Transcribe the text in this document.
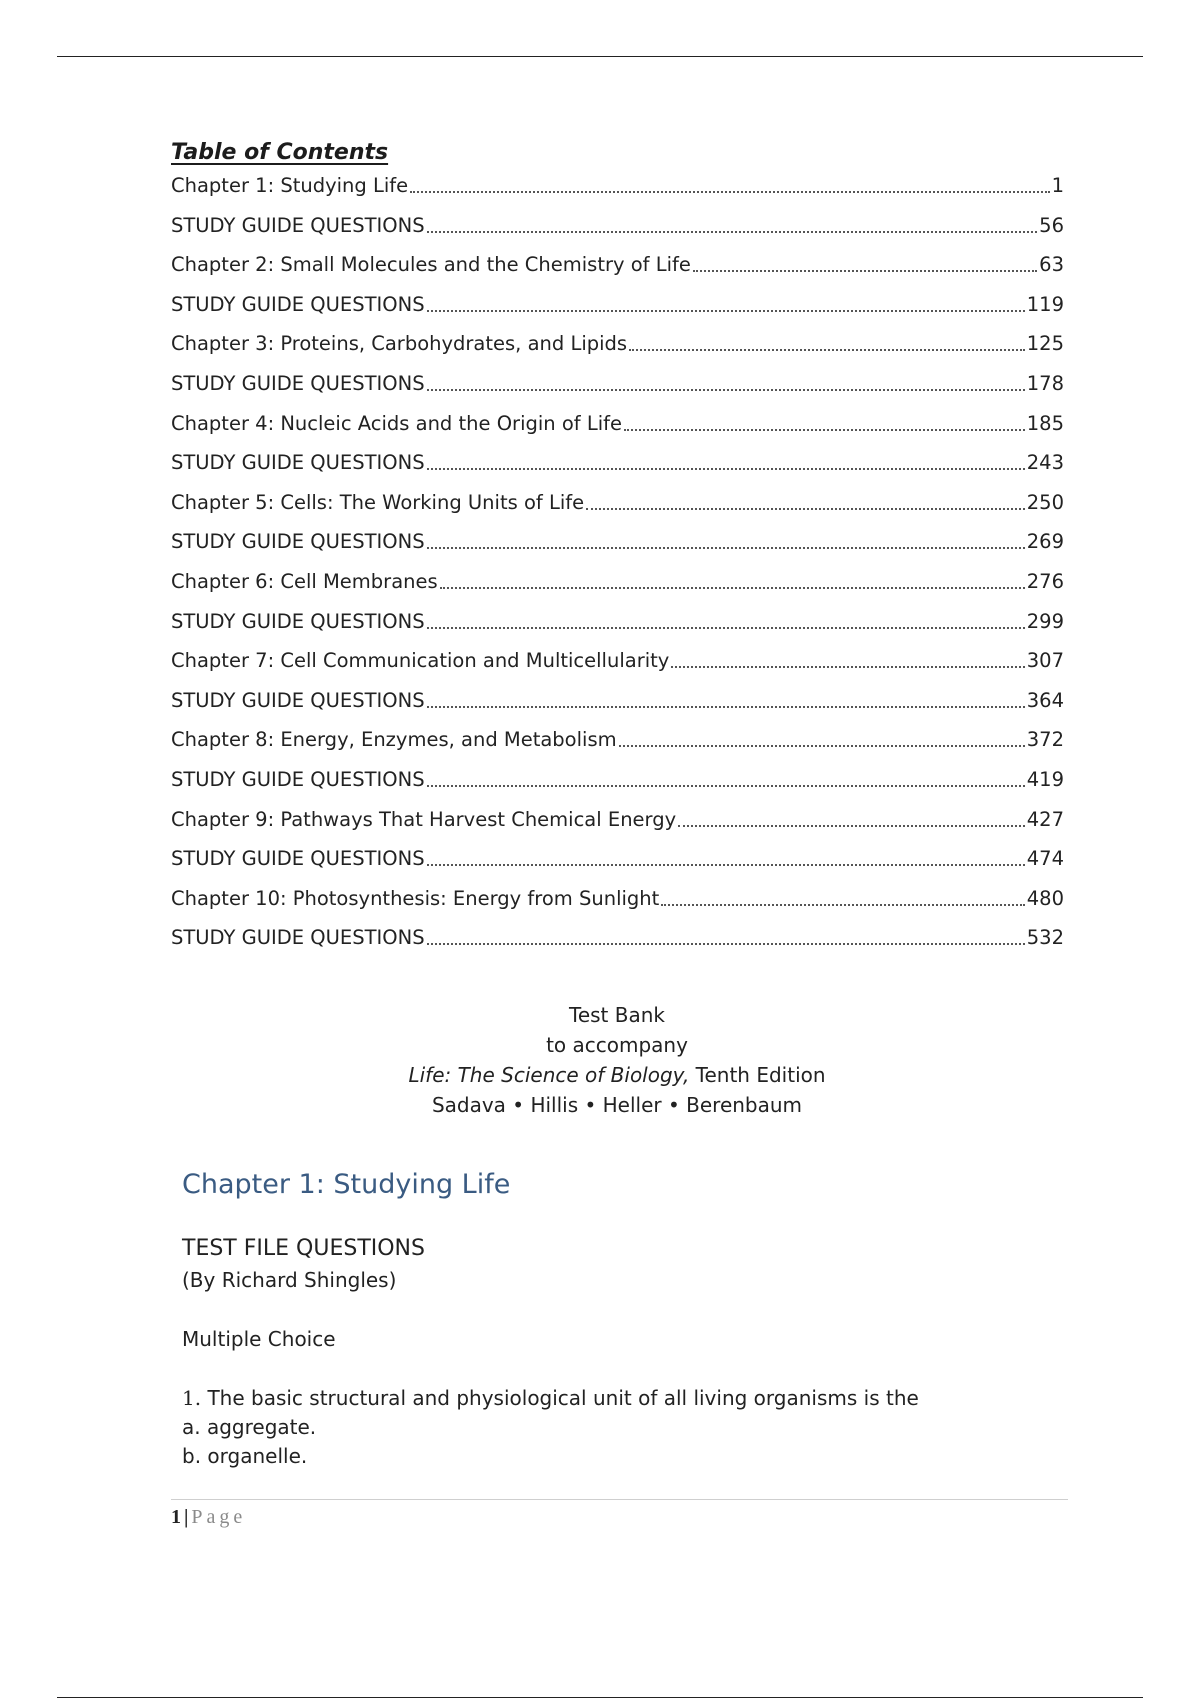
Table of Contents
Chapter 1: Studying Life	1
STUDY GUIDE QUESTIONS	56
Chapter 2: Small Molecules and the Chemistry of Life	63
STUDY GUIDE QUESTIONS	119
Chapter 3: Proteins, Carbohydrates, and Lipids	125
STUDY GUIDE QUESTIONS	178
Chapter 4: Nucleic Acids and the Origin of Life	185
STUDY GUIDE QUESTIONS	243
Chapter 5: Cells: The Working Units of Life	250
STUDY GUIDE QUESTIONS	269
Chapter 6: Cell Membranes	276
STUDY GUIDE QUESTIONS	299
Chapter 7: Cell Communication and Multicellularity	307
STUDY GUIDE QUESTIONS	364
Chapter 8: Energy, Enzymes, and Metabolism	372
STUDY GUIDE QUESTIONS	419
Chapter 9: Pathways That Harvest Chemical Energy	427
STUDY GUIDE QUESTIONS	474
Chapter 10: Photosynthesis: Energy from Sunlight	480
STUDY GUIDE QUESTIONS	532
Test Bank
to accompany
Life: The Science of Biology, Tenth Edition
Sadava • Hillis • Heller • Berenbaum
Chapter 1: Studying Life
TEST FILE QUESTIONS
(By Richard Shingles)
Multiple Choice
1. The basic structural and physiological unit of all living organisms is the
a. aggregate.
b. organelle.
1 | Page
